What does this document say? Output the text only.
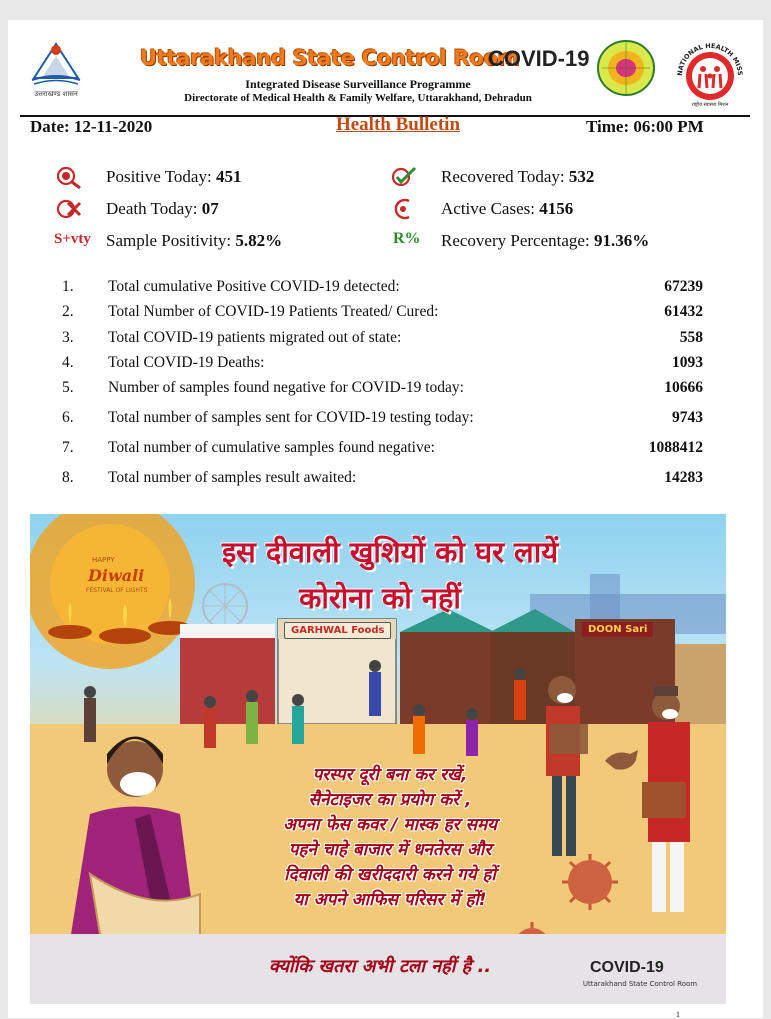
उत्तराखण्ड शासन
Uttarakhand State Control Room
COVID-19
Integrated Disease Surveillance Programme
Directorate of Medical Health & Family Welfare, Uttarakhand, Dehradun
NATIONAL HEALTH MISS
राष्ट्रीय स्वास्थ्य मिशन
Date: 12-11-2020	Health Bulletin	Time: 06:00 PM
Positive Today: 451	Recovered Today: 532
Death Today: 07	Active Cases: 4156
S+vty Sample Positivity: 5.82%	R% Recovery Percentage: 91.36%
1. Total cumulative Positive COVID-19 detected:	67239
2. Total Number of COVID-19 Patients Treated/ Cured:	61432
3. Total COVID-19 patients migrated out of state:	558
4. Total COVID-19 Deaths:	1093
5. Number of samples found negative for COVID-19 today:	10666
6. Total number of samples sent for COVID-19 testing today:	9743
7. Total number of cumulative samples found negative:	1088412
8. Total number of samples result awaited:	14283
HAPPY
Diwali
FESTIVAL OF LIGHTS
GARHWAL Foods	DOON Sari
इस दीवाली खुशियों को घर लायें
कोरोना को नहीं
परस्पर दूरी बना कर रखें,
सैनेटाइजर का प्रयोग करें ,
अपना फेस कवर / मास्क हर समय
पहने चाहे बाजार में धनतेरस और
दिवाली की खरीददारी करने गये हों
या अपने आफिस परिसर में हों!
क्योंकि खतरा अभी टला नहीं है ..	COVID-19
Uttarakhand State Control Room
1
